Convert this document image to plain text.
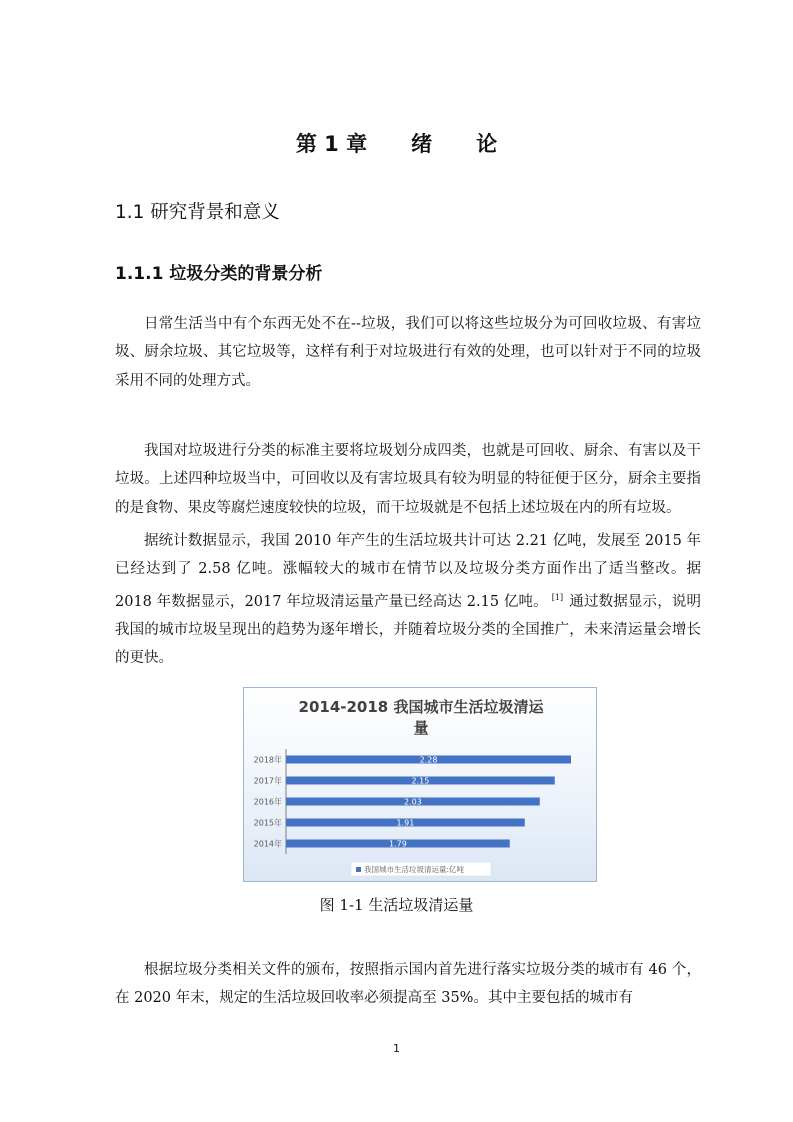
第 1 章 绪 论
1.1 研究背景和意义
1.1.1 垃圾分类的背景分析

日常生活当中有个东西无处不在--垃圾，我们可以将这些垃圾分为可回收垃圾、有害垃圾、厨余垃圾、其它垃圾等，这样有利于对垃圾进行有效的处理，也可以针对于不同的垃圾采用不同的处理方式。

我国对垃圾进行分类的标准主要将垃圾划分成四类，也就是可回收、厨余、有害以及干垃圾。上述四种垃圾当中，可回收以及有害垃圾具有较为明显的特征便于区分，厨余主要指的是食物、果皮等腐烂速度较快的垃圾，而干垃圾就是不包括上述垃圾在内的所有垃圾。

据统计数据显示，我国 2010 年产生的生活垃圾共计可达 2.21 亿吨，发展至 2015 年已经达到了 2.58 亿吨。涨幅较大的城市在情节以及垃圾分类方面作出了适当整改。据 2018 年数据显示，2017 年垃圾清运量产量已经高达 2.15 亿吨。 [1] 通过数据显示，说明我国的城市垃圾呈现出的趋势为逐年增长，并随着垃圾分类的全国推广，未来清运量会增长的更快。

2014-2018 我国城市生活垃圾清运
量
2018年	2.28
2017年	2.15
2016年	2.03
2015年	1.91
2014年	1.79
我国城市生活垃圾清运量:亿吨
图 1-1 生活垃圾清运量

根据垃圾分类相关文件的颁布，按照指示国内首先进行落实垃圾分类的城市有 46 个，在 2020 年末，规定的生活垃圾回收率必须提高至 35%。其中主要包括的城市有

1
